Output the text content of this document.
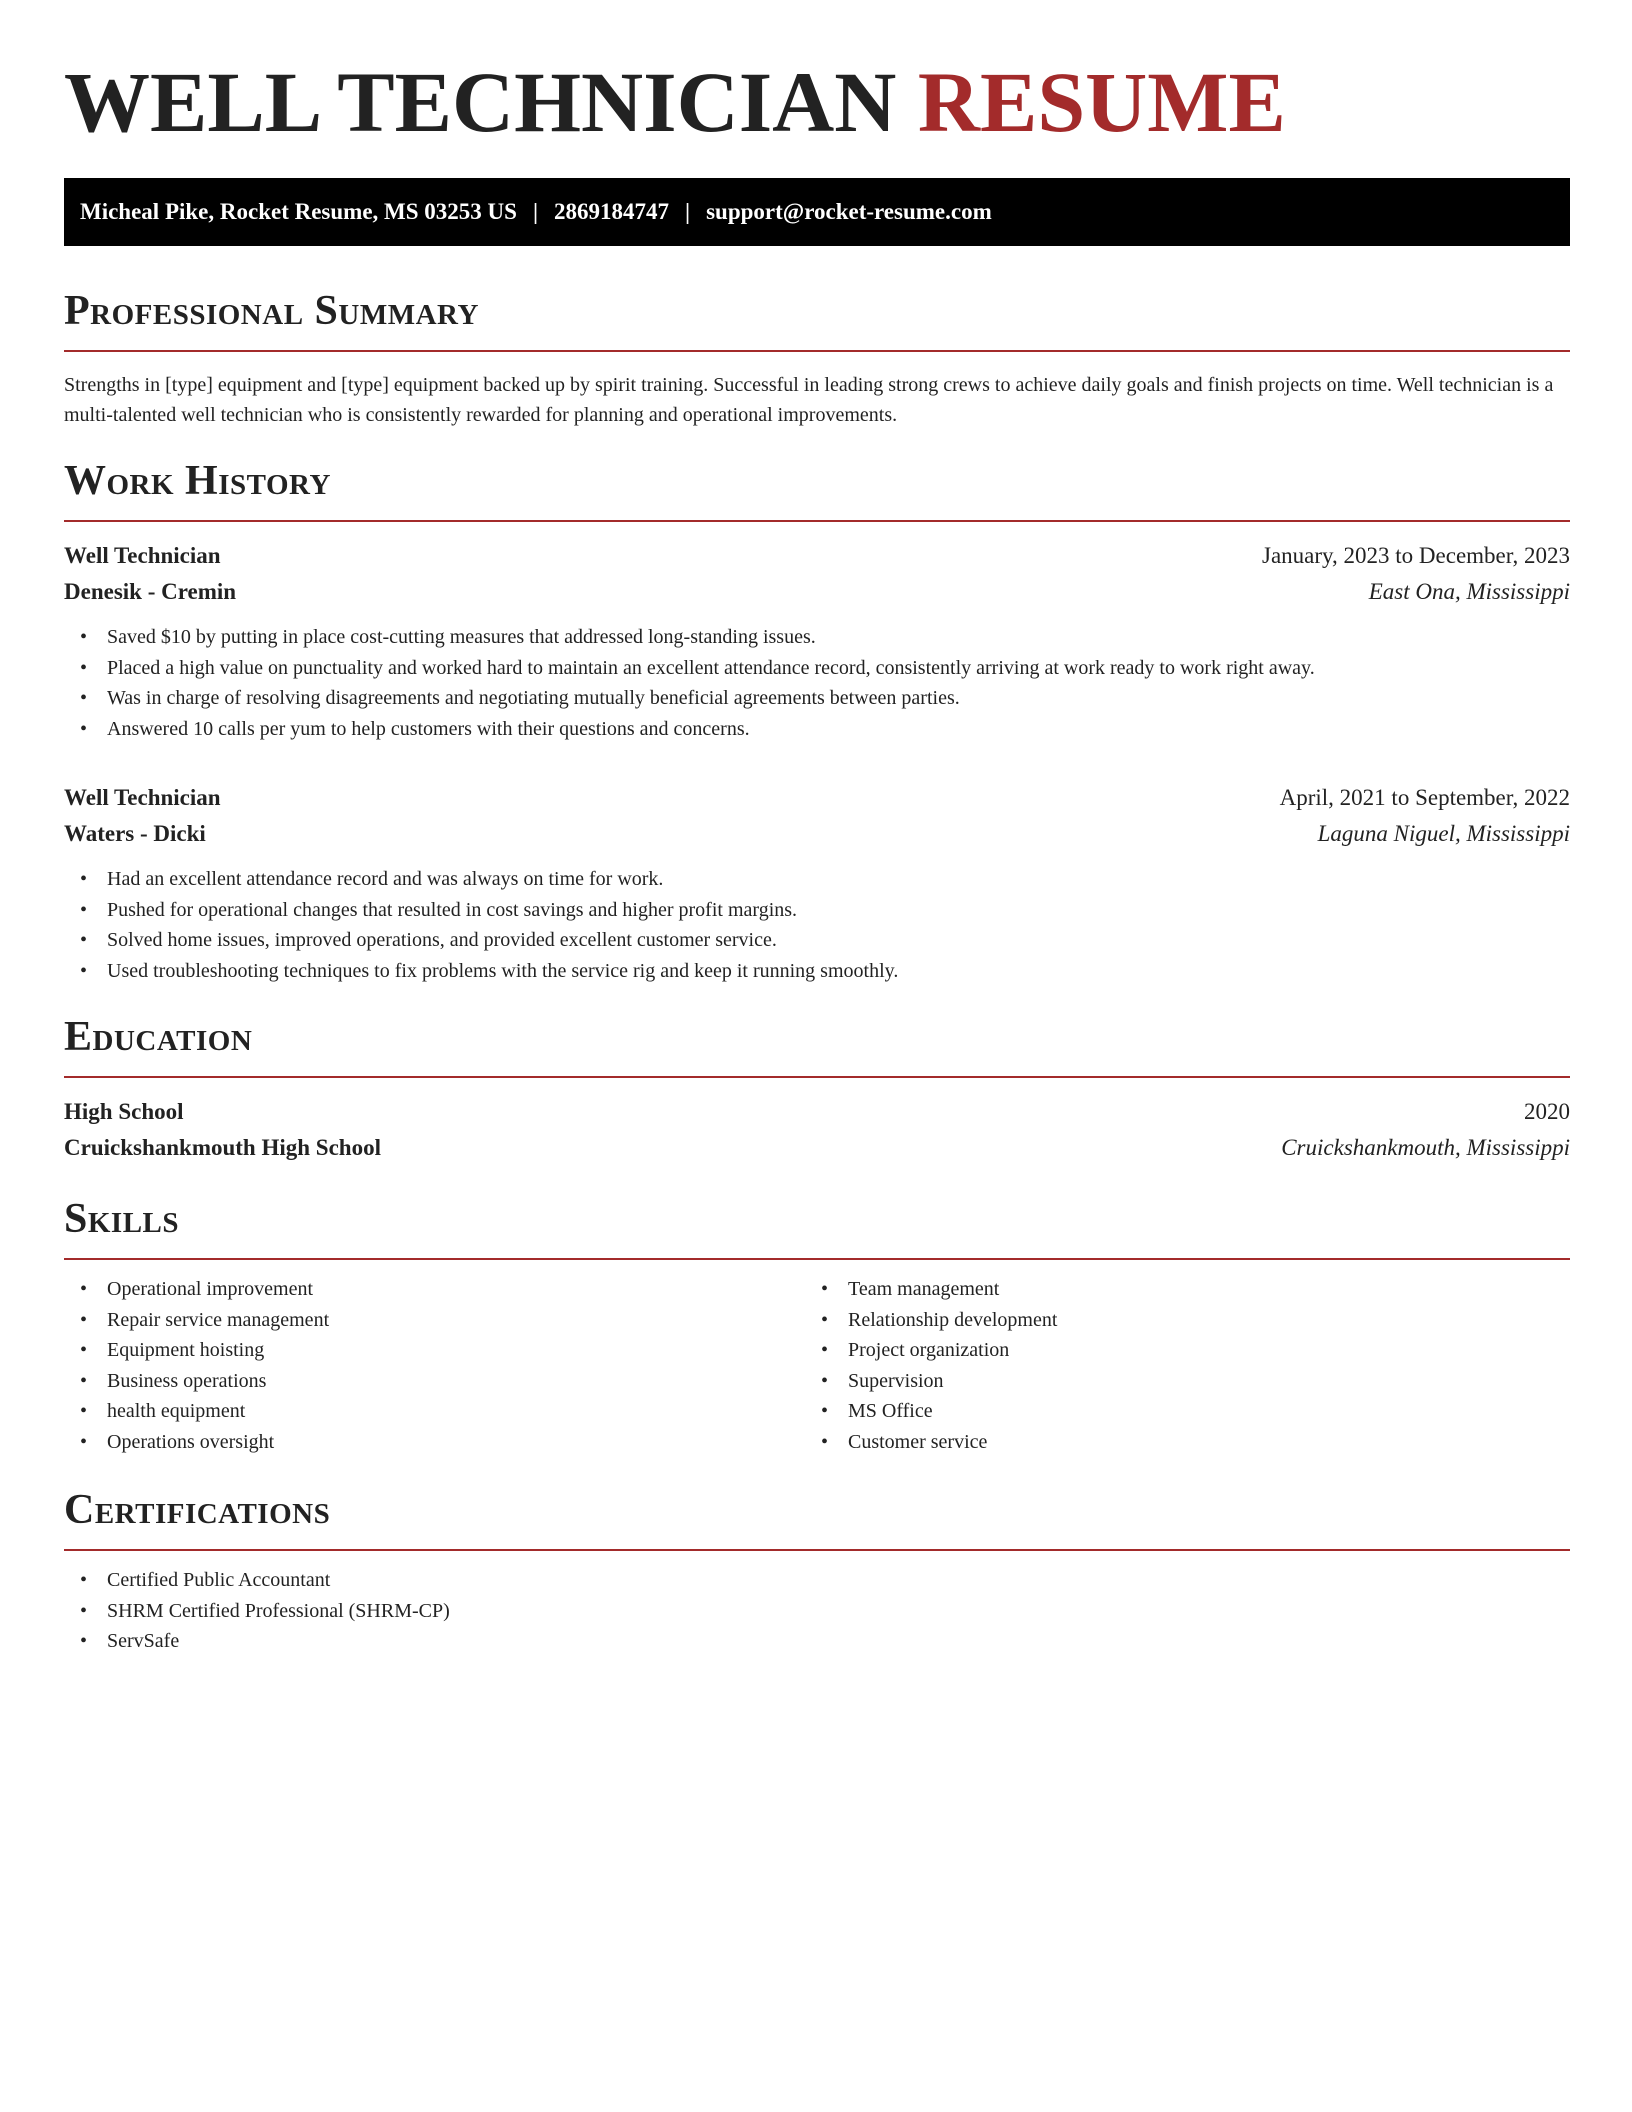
WELL TECHNICIAN RESUME
Micheal Pike, Rocket Resume, MS 03253 US | 2869184747 | support@rocket-resume.com
Professional Summary

Strengths in [type] equipment and [type] equipment backed up by spirit training. Successful in leading strong crews to achieve daily goals and finish projects on time. Well technician is a multi-talented well technician who is consistently rewarded for planning and operational improvements.

Work History
Well Technician	January, 2023 to December, 2023
Denesik - Cremin	East Ona, Mississippi
• Saved $10 by putting in place cost-cutting measures that addressed long-standing issues.
• Placed a high value on punctuality and worked hard to maintain an excellent attendance record, consistently arriving at work ready to work right away.
• Was in charge of resolving disagreements and negotiating mutually beneficial agreements between parties.
• Answered 10 calls per yum to help customers with their questions and concerns.
Well Technician	April, 2021 to September, 2022
Waters - Dicki	Laguna Niguel, Mississippi
• Had an excellent attendance record and was always on time for work.
• Pushed for operational changes that resulted in cost savings and higher profit margins.
• Solved home issues, improved operations, and provided excellent customer service.
• Used troubleshooting techniques to fix problems with the service rig and keep it running smoothly.
Education
High School	2020
Cruickshankmouth High School	Cruickshankmouth, Mississippi
Skills
• Operational improvement
• Repair service management
• Equipment hoisting
• Business operations
• health equipment
• Operations oversight
• Team management
• Relationship development
• Project organization
• Supervision
• MS Office
• Customer service
Certifications
• Certified Public Accountant
• SHRM Certified Professional (SHRM-CP)
• ServSafe
